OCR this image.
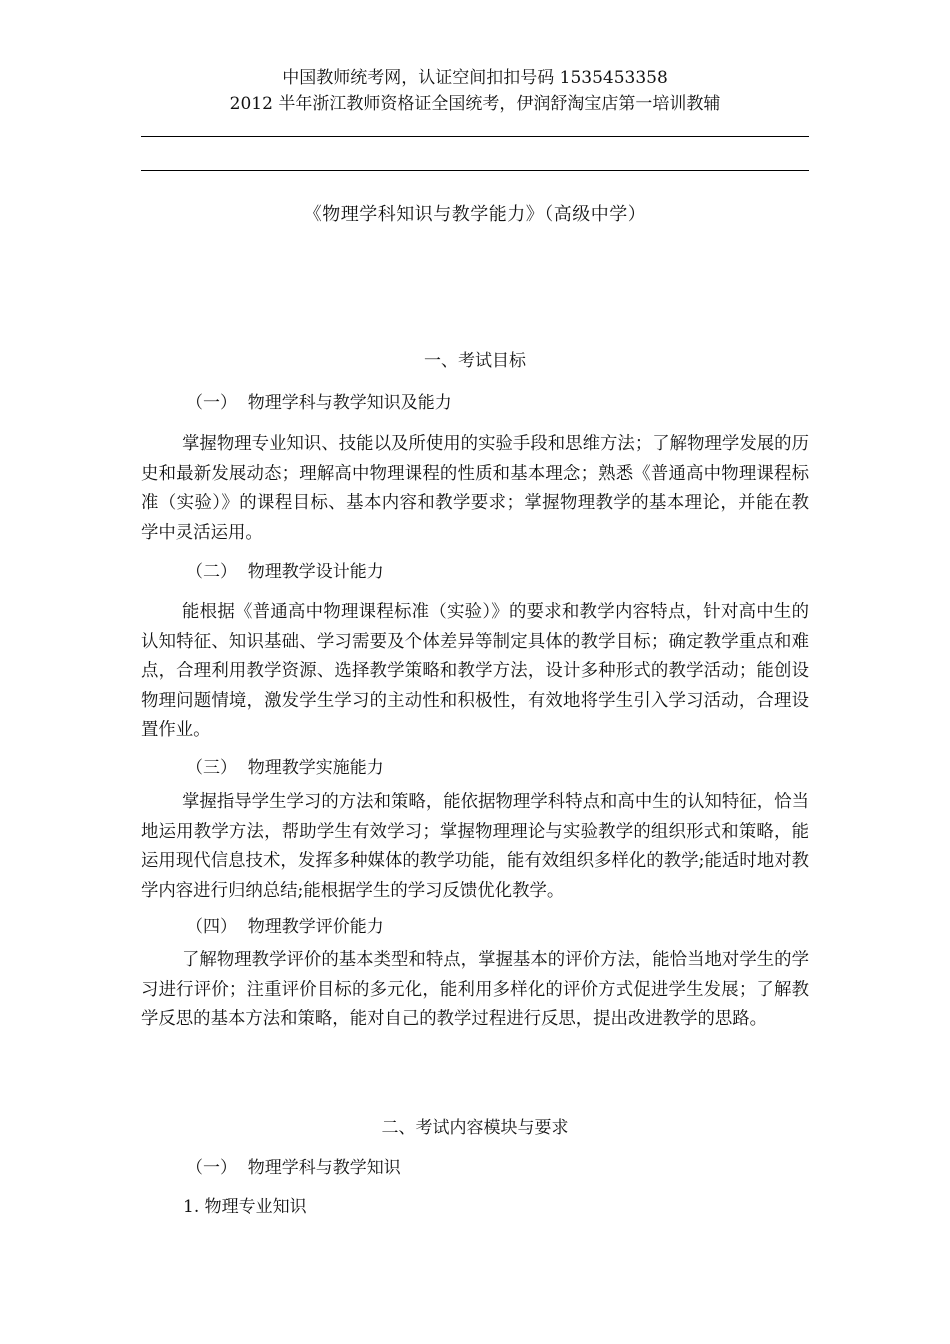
中国教师统考网，认证空间扣扣号码 1535453358
2012 半年浙江教师资格证全国统考，伊润舒淘宝店第一培训教辅
《物理学科知识与教学能力》（高级中学）
一、考试目标
（一）  物理学科与教学知识及能力
掌握物理专业知识、技能以及所使用的实验手段和思维方法；了解物理学发展的历史和最新发展动态；理解高中物理课程的性质和基本理念；熟悉《普通高中物理课程标准（实验）》的课程目标、基本内容和教学要求；掌握物理教学的基本理论，并能在教学中灵活运用。
（二）  物理教学设计能力
能根据《普通高中物理课程标准（实验）》的要求和教学内容特点，针对高中生的认知特征、知识基础、学习需要及个体差异等制定具体的教学目标；确定教学重点和难点，合理利用教学资源、选择教学策略和教学方法，设计多种形式的教学活动；能创设物理问题情境，激发学生学习的主动性和积极性，有效地将学生引入学习活动，合理设置作业。
（三）  物理教学实施能力
掌握指导学生学习的方法和策略，能依据物理学科特点和高中生的认知特征，恰当地运用教学方法，帮助学生有效学习；掌握物理理论与实验教学的组织形式和策略，能运用现代信息技术，发挥多种媒体的教学功能，能有效组织多样化的教学;能适时地对教学内容进行归纳总结;能根据学生的学习反馈优化教学。
（四）  物理教学评价能力
了解物理教学评价的基本类型和特点，掌握基本的评价方法，能恰当地对学生的学习进行评价；注重评价目标的多元化，能利用多样化的评价方式促进学生发展；了解教学反思的基本方法和策略，能对自己的教学过程进行反思，提出改进教学的思路。
二、考试内容模块与要求
（一）  物理学科与教学知识
1. 物理专业知识
